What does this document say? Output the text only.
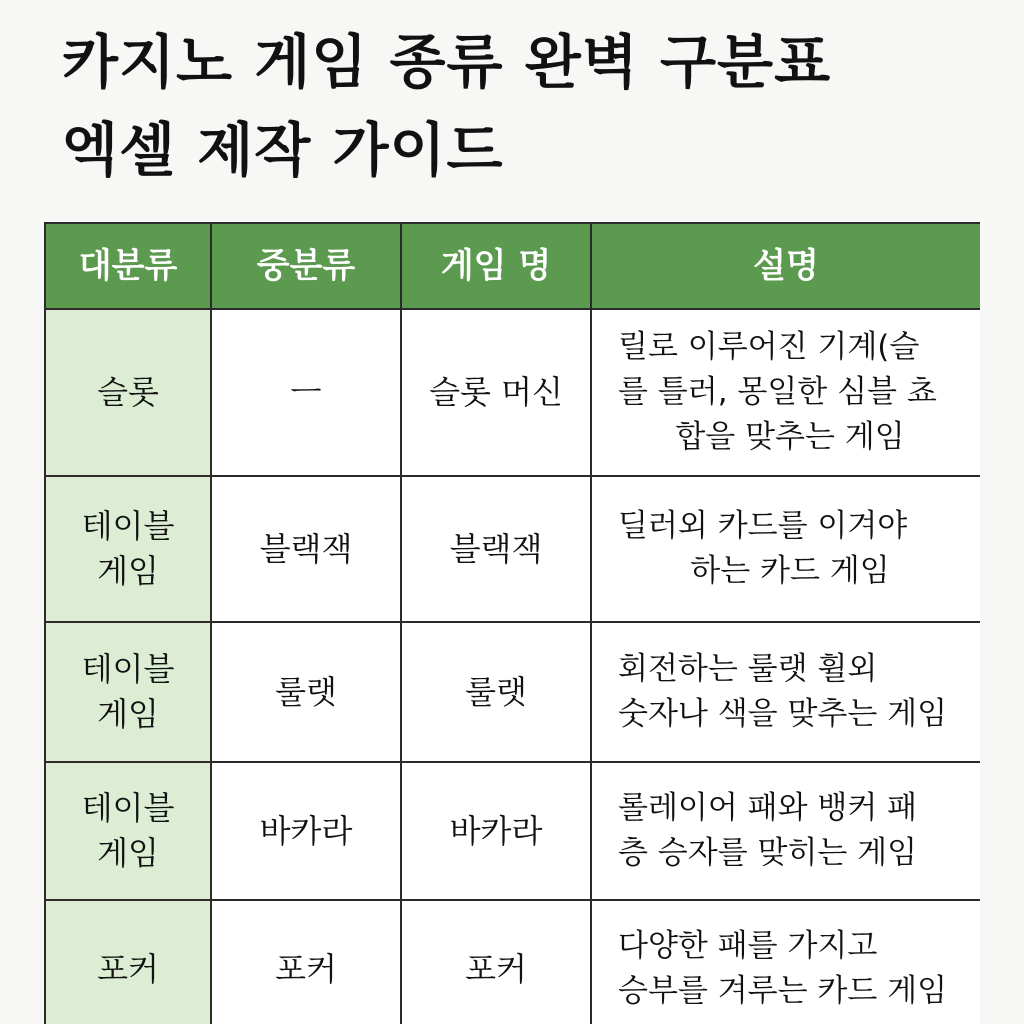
카지노 게임 종류 완벽 구분표
엑셀 제작 가이드
대분류	중분류	게임 명	설명

슬롯	ㅡ	슬롯 머신	릴로 이루어진 기계(슬
를 틀러, 몽일한 심블 쵸
합을 맞추는 게임

테이블
게임	블랙잭	블랙잭	딜러외 카드를 이겨야
하는 카드 게임

테이블
게임	룰랫	룰랫	회전하는 룰랫 휠외
숫자나 색을 맞추는 게임

테이블
게임	바카라	바카라	롤레이어 패와 뱅커 패
층 승자를 맞히는 게임

포커	포커	포커	다양한 패를 가지고
승부를 겨루는 카드 게임
